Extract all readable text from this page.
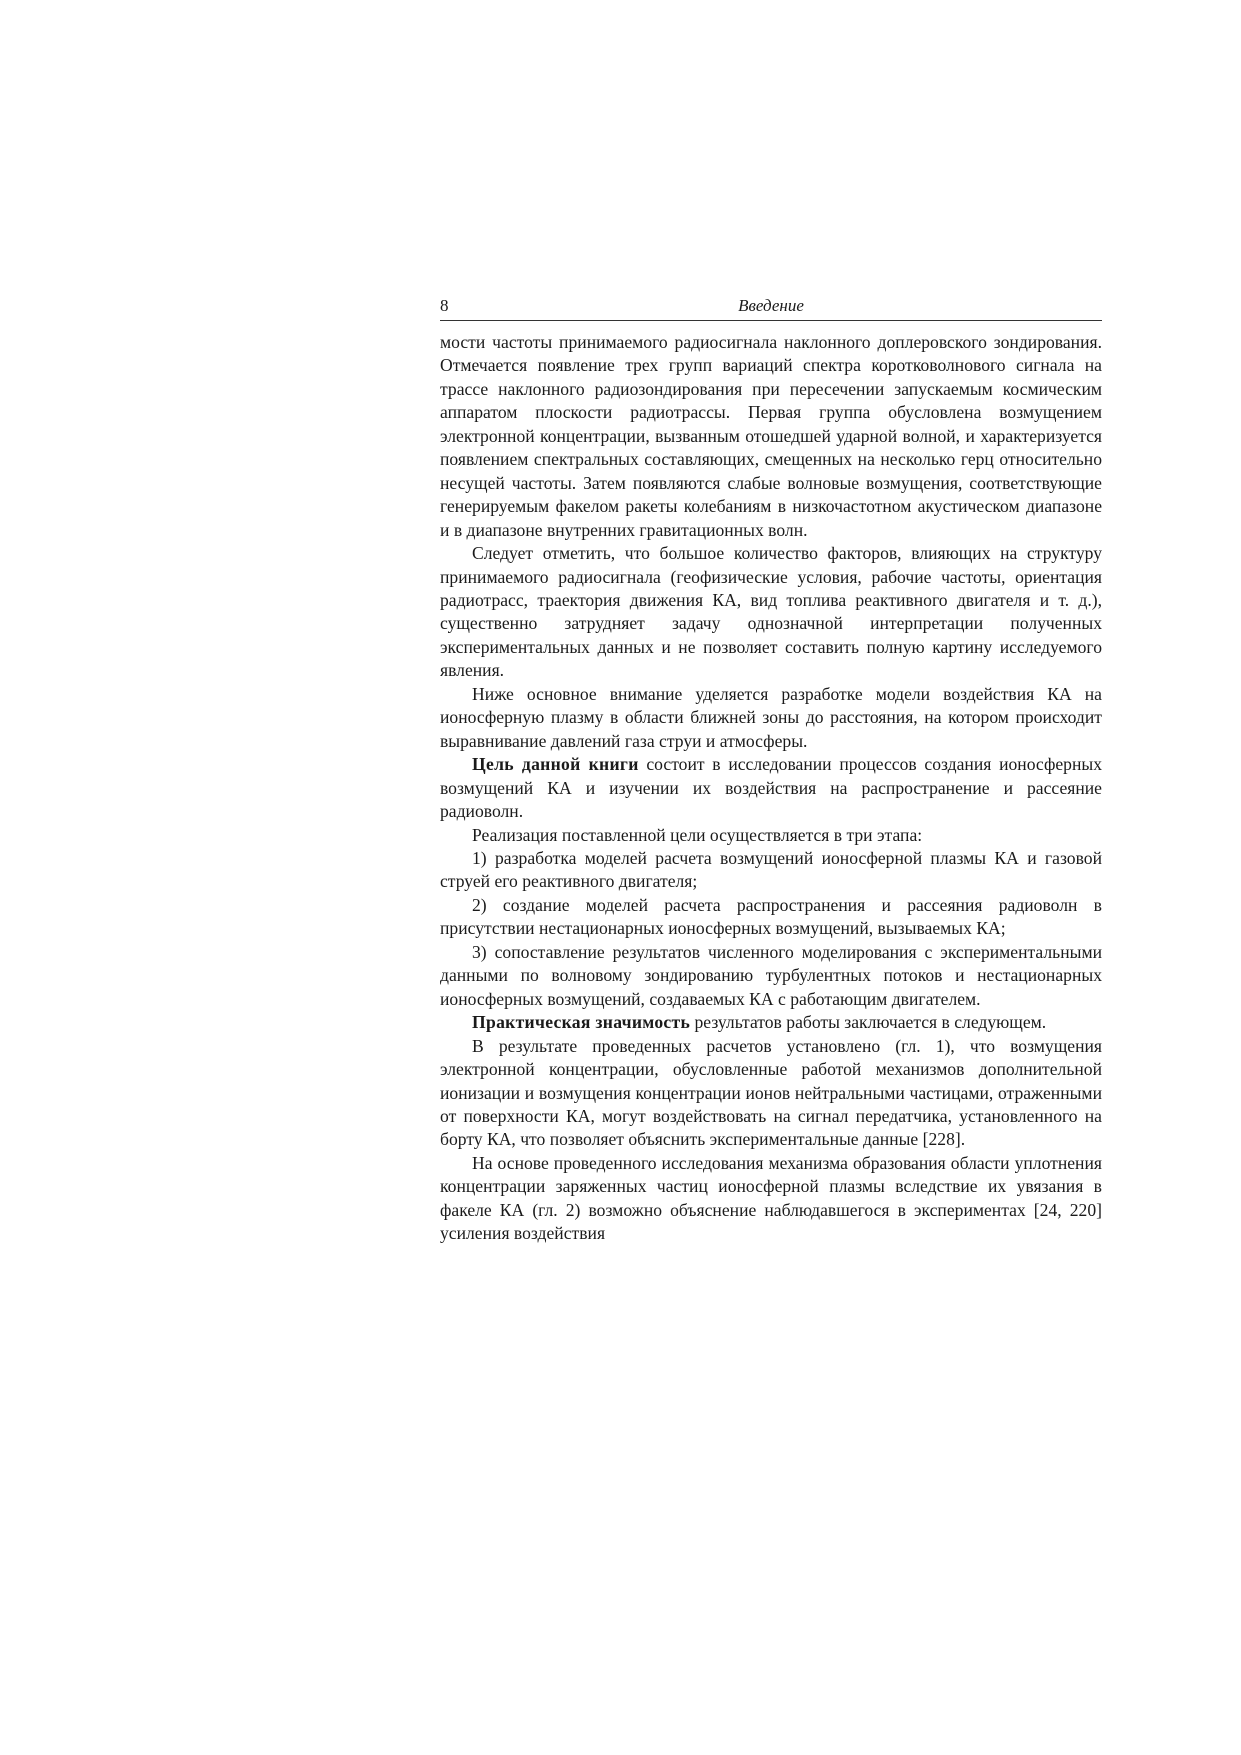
8	Введение

мости частоты принимаемого радиосигнала наклонного доплеровского зондирования. Отмечается появление трех групп вариаций спектра коротковолнового сигнала на трассе наклонного радиозондирования при пересечении запускаемым космическим аппаратом плоскости радиотрассы. Первая группа обусловлена возмущением электронной концентрации, вызванным отошедшей ударной волной, и характеризуется появлением спектральных составляющих, смещенных на несколько герц относительно несущей частоты. Затем появляются слабые волновые возмущения, соответствующие генерируемым факелом ракеты колебаниям в низкочастотном акустическом диапазоне и в диапазоне внутренних гравитационных волн.

Следует отметить, что большое количество факторов, влияющих на структуру принимаемого радиосигнала (геофизические условия, рабочие частоты, ориентация радиотрасс, траектория движения КА, вид топлива реактивного двигателя и т. д.), существенно затрудняет задачу однозначной интерпретации полученных экспериментальных данных и не позволяет составить полную картину исследуемого явления.

Ниже основное внимание уделяется разработке модели воздействия КА на ионосферную плазму в области ближней зоны до расстояния, на котором происходит выравнивание давлений газа струи и атмосферы.

Цель данной книги состоит в исследовании процессов создания ионосферных возмущений КА и изучении их воздействия на распространение и рассеяние радиоволн.

Реализация поставленной цели осуществляется в три этапа:

1) разработка моделей расчета возмущений ионосферной плазмы КА и газовой струей его реактивного двигателя;

2) создание моделей расчета распространения и рассеяния радиоволн в присутствии нестационарных ионосферных возмущений, вызываемых КА;

3) сопоставление результатов численного моделирования с экспериментальными данными по волновому зондированию турбулентных потоков и нестационарных ионосферных возмущений, создаваемых КА с работающим двигателем.

Практическая значимость результатов работы заключается в следующем.

В результате проведенных расчетов установлено (гл. 1), что возмущения электронной концентрации, обусловленные работой механизмов дополнительной ионизации и возмущения концентрации ионов нейтральными частицами, отраженными от поверхности КА, могут воздействовать на сигнал передатчика, установленного на борту КА, что позволяет объяснить экспериментальные данные [228].

На основе проведенного исследования механизма образования области уплотнения концентрации заряженных частиц ионосферной плазмы вследствие их увязания в факеле КА (гл. 2) возможно объяснение наблюдавшегося в экспериментах [24, 220] усиления воздействия
